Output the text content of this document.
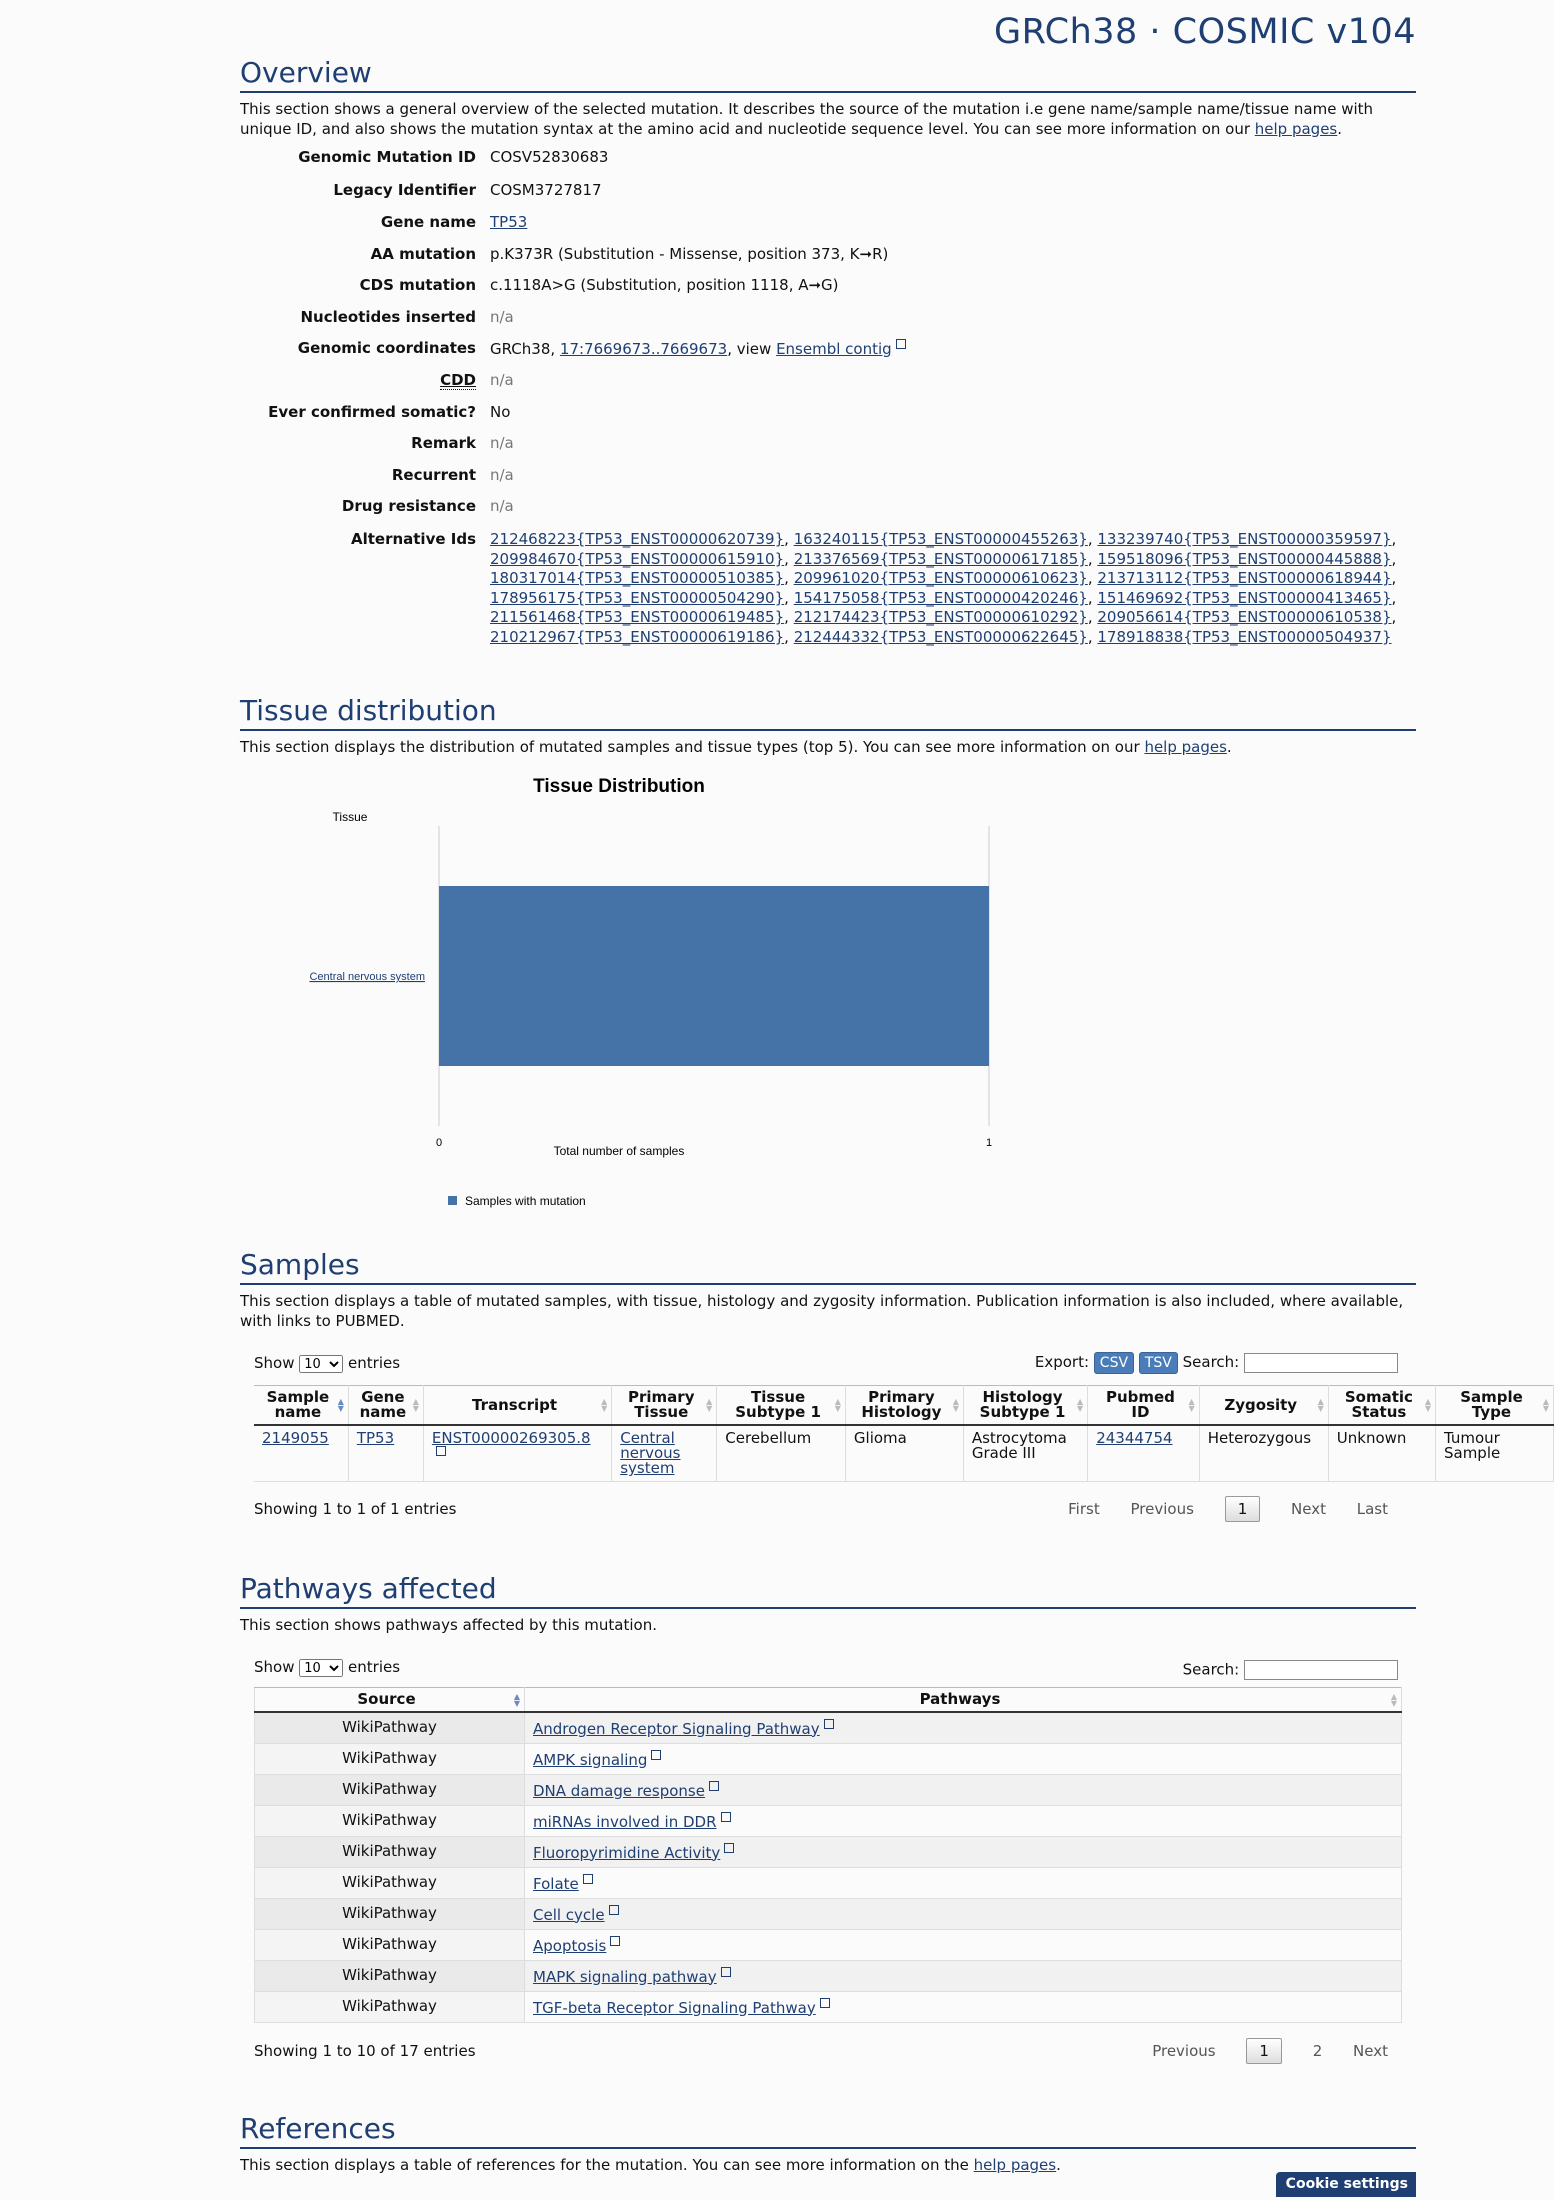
GRCh38 · COSMIC v104
Overview
This section shows a general overview of the selected mutation. It describes the source of the mutation i.e gene name/sample name/tissue name with unique ID, and also shows the mutation syntax at the amino acid and nucleotide sequence level. You can see more information on our help pages.
Genomic Mutation ID COSV52830683
Legacy Identifier COSM3727817
Gene name TP53
AA mutation p.K373R (Substitution - Missense, position 373, K➞R)
CDS mutation c.1118A>G (Substitution, position 1118, A➞G)
Nucleotides inserted n/a
Genomic coordinates GRCh38, 17:7669673..7669673, view Ensembl contig
CDD n/a
Ever confirmed somatic? No
Remark n/a
Recurrent n/a
Drug resistance n/a
Alternative Ids 212468223{TP53_ENST00000620739}, 163240115{TP53_ENST00000455263}, 133239740{TP53_ENST00000359597}, 209984670{TP53_ENST00000615910}, 213376569{TP53_ENST00000617185}, 159518096{TP53_ENST00000445888}, 180317014{TP53_ENST00000510385}, 209961020{TP53_ENST00000610623}, 213713112{TP53_ENST00000618944}, 178956175{TP53_ENST00000504290}, 154175058{TP53_ENST00000420246}, 151469692{TP53_ENST00000413465}, 211561468{TP53_ENST00000619485}, 212174423{TP53_ENST00000610292}, 209056614{TP53_ENST00000610538}, 210212967{TP53_ENST00000619186}, 212444332{TP53_ENST00000622645}, 178918838{TP53_ENST00000504937}
Tissue distribution
This section displays the distribution of mutated samples and tissue types (top 5). You can see more information on our help pages.
Tissue Distribution
Tissue
Total number of samples
0	1
Central nervous system
Samples with mutation
Samples
This section displays a table of mutated samples, with tissue, histology and zygosity information. Publication information is also included, where available, with links to PUBMED.
Show
10	entries	Export: CSV TSV Search:
Sample name
▲
▼	Gene name
▲
▼	Transcript ▲
▼	Primary Tissue
▲
▼	Tissue Subtype 1
▲
▼	Primary Histology
▲
▼	Histology Subtype 1
▲
▼	Pubmed ID
▲
▼	Zygosity ▲
▼	Somatic Status
▲
▼	Sample Type
▲
▼

2149055	TP53	ENST00000269305.8	Central nervous system	Cerebellum	Glioma	Astrocytoma Grade III	24344754	Heterozygous	Unknown	Tumour Sample
Showing 1 to 1 of 1 entries	First Previous	1	Next Last
Pathways affected
This section shows pathways affected by this mutation.
Show
10	entries	Search:
Source ▲
▼	Pathways ▲
▼

WikiPathway	Androgen Receptor Signaling Pathway
WikiPathway	AMPK signaling
WikiPathway	DNA damage response
WikiPathway	miRNAs involved in DDR
WikiPathway	Fluoropyrimidine Activity
WikiPathway	Folate
WikiPathway	Cell cycle
WikiPathway	Apoptosis
WikiPathway	MAPK signaling pathway
WikiPathway	TGF-beta Receptor Signaling Pathway
Showing 1 to 10 of 17 entries	Previous	1	2 Next
References
This section displays a table of references for the mutation. You can see more information on the help pages.
Cookie settings
